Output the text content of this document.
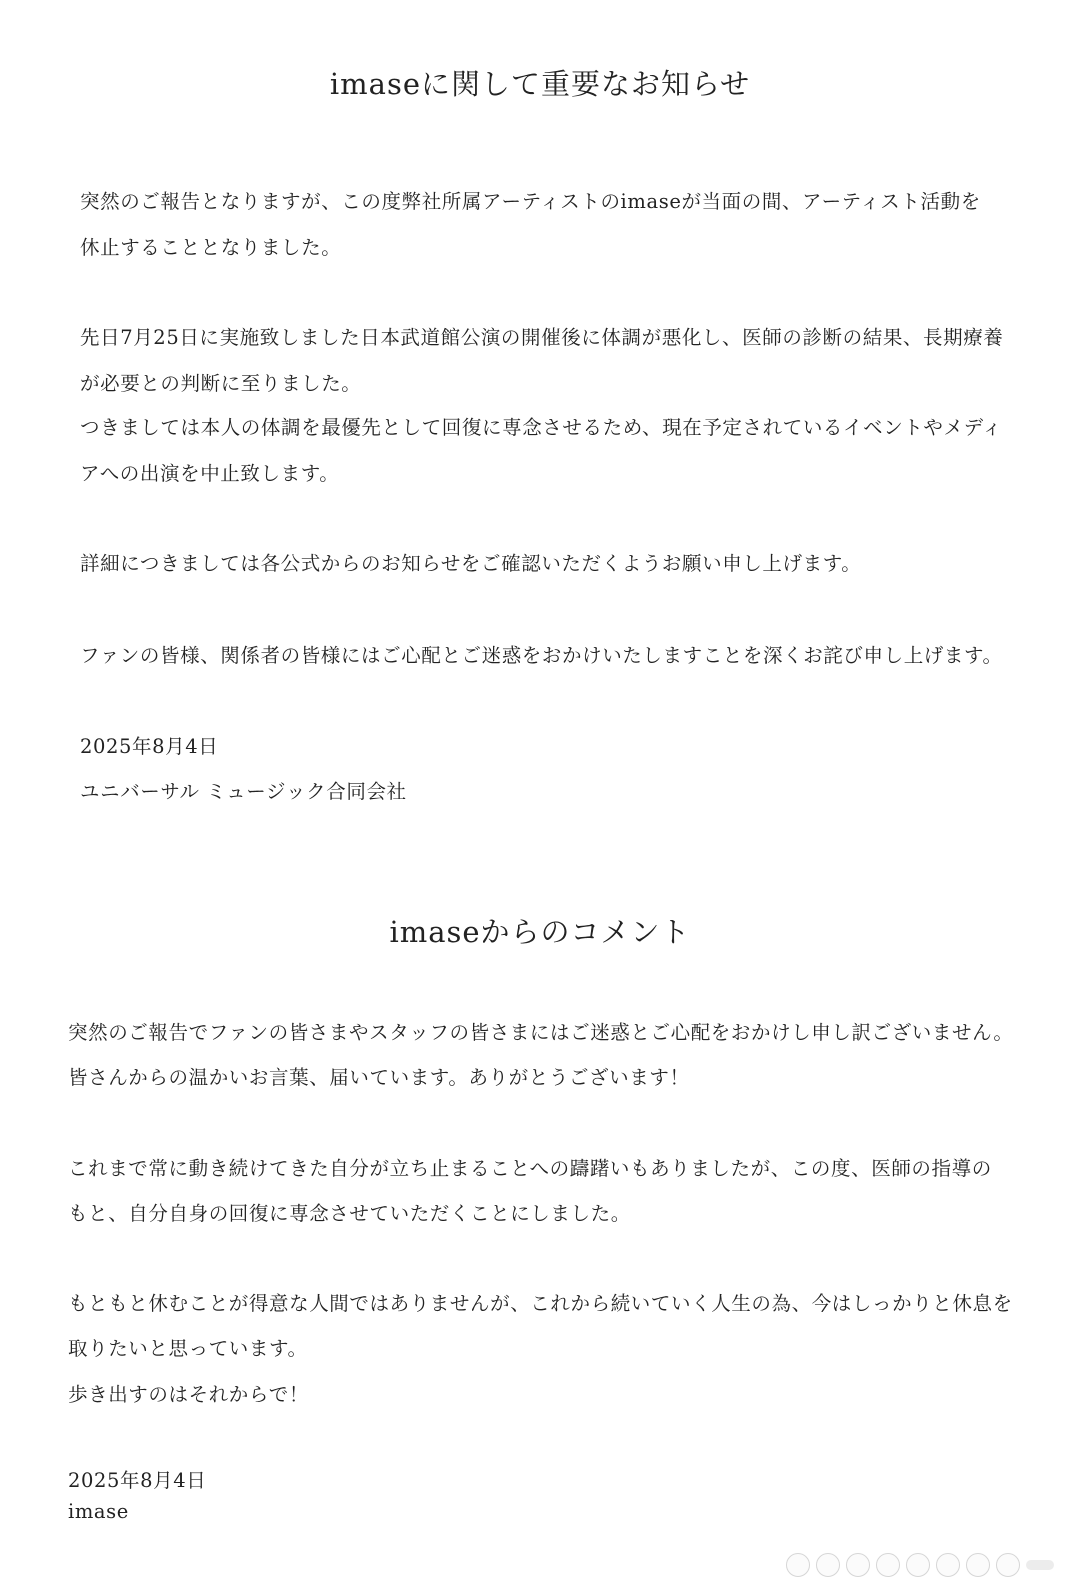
imaseに関して重要なお知らせ
突然のご報告となりますが、この度弊社所属アーティストのimaseが当面の間、アーティスト活動を
休止することとなりました。
先日7月25日に実施致しました日本武道館公演の開催後に体調が悪化し、医師の診断の結果、長期療養
が必要との判断に至りました。
つきましては本人の体調を最優先として回復に専念させるため、現在予定されているイベントやメディ
アへの出演を中止致します。
詳細につきましては各公式からのお知らせをご確認いただくようお願い申し上げます。
ファンの皆様、関係者の皆様にはご心配とご迷惑をおかけいたしますことを深くお詫び申し上げます。
2025年8月4日
ユニバーサル ミュージック合同会社
imaseからのコメント
突然のご報告でファンの皆さまやスタッフの皆さまにはご迷惑とご心配をおかけし申し訳ございません。
皆さんからの温かいお言葉、届いています。ありがとうございます！
これまで常に動き続けてきた自分が立ち止まることへの躊躇いもありましたが、この度、医師の指導の
もと、自分自身の回復に専念させていただくことにしました。
もともと休むことが得意な人間ではありませんが、これから続いていく人生の為、今はしっかりと休息を
取りたいと思っています。
歩き出すのはそれからで！
2025年8月4日
imase
